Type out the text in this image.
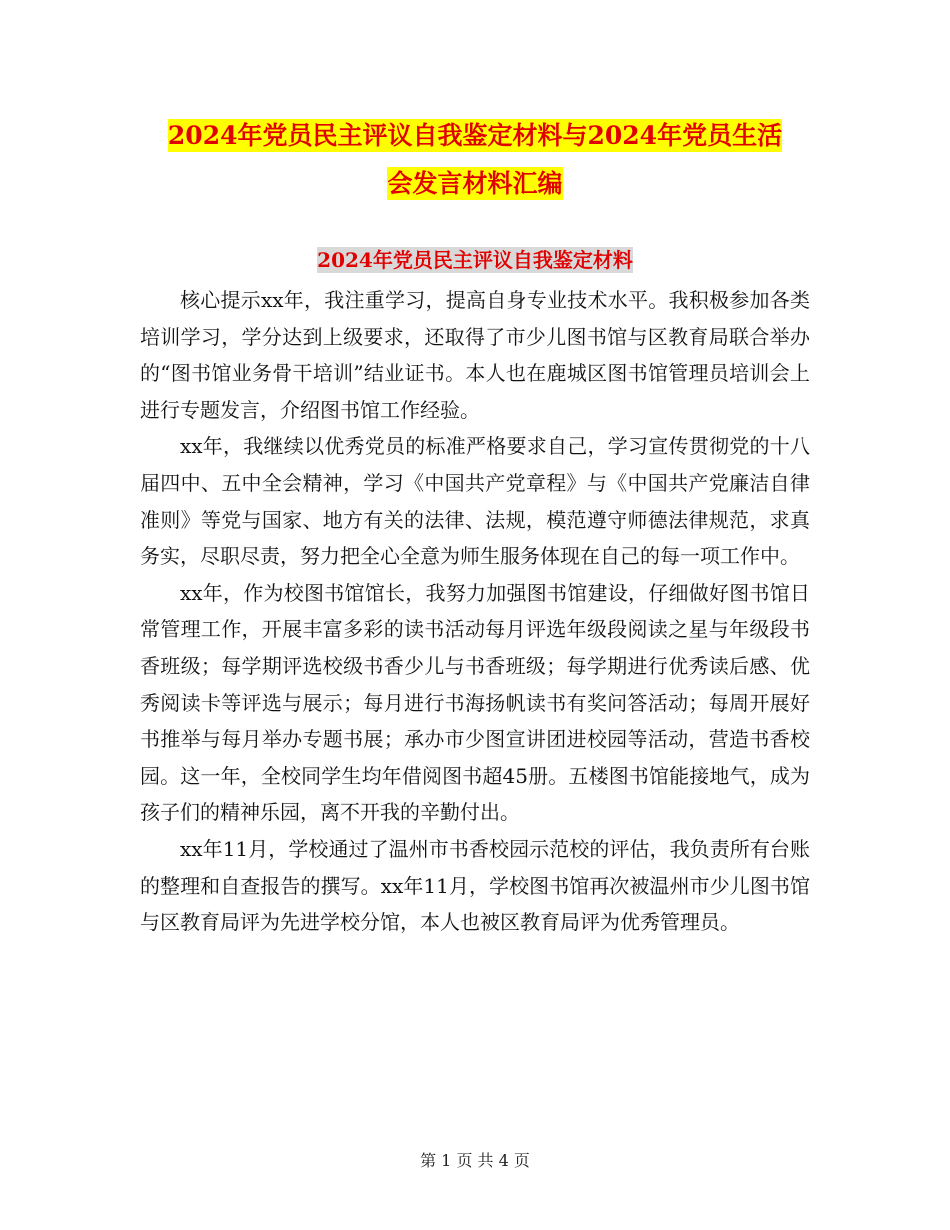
2024年党员民主评议自我鉴定材料与2024年党员生活
会发言材料汇编
2024年党员民主评议自我鉴定材料

核心提示xx年，我注重学习，提高自身专业技术水平。我积极参加各类培训学习，学分达到上级要求，还取得了市少儿图书馆与区教育局联合举办的“图书馆业务骨干培训”结业证书。本人也在鹿城区图书馆管理员培训会上进行专题发言，介绍图书馆工作经验。

xx年，我继续以优秀党员的标准严格要求自己，学习宣传贯彻党的十八届四中、五中全会精神，学习《中国共产党章程》与《中国共产党廉洁自律准则》等党与国家、地方有关的法律、法规，模范遵守师德法律规范，求真务实，尽职尽责，努力把全心全意为师生服务体现在自己的每一项工作中。

xx年，作为校图书馆馆长，我努力加强图书馆建设，仔细做好图书馆日常管理工作，开展丰富多彩的读书活动每月评选年级段阅读之星与年级段书香班级；每学期评选校级书香少儿与书香班级；每学期进行优秀读后感、优秀阅读卡等评选与展示；每月进行书海扬帆读书有奖问答活动；每周开展好书推举与每月举办专题书展；承办市少图宣讲团进校园等活动，营造书香校园。这一年，全校同学生均年借阅图书超45册。五楼图书馆能接地气，成为孩子们的精神乐园，离不开我的辛勤付出。

xx年11月，学校通过了温州市书香校园示范校的评估，我负责所有台账的整理和自查报告的撰写。xx年11月，学校图书馆再次被温州市少儿图书馆与区教育局评为先进学校分馆，本人也被区教育局评为优秀管理员。

第 1 页 共 4 页
